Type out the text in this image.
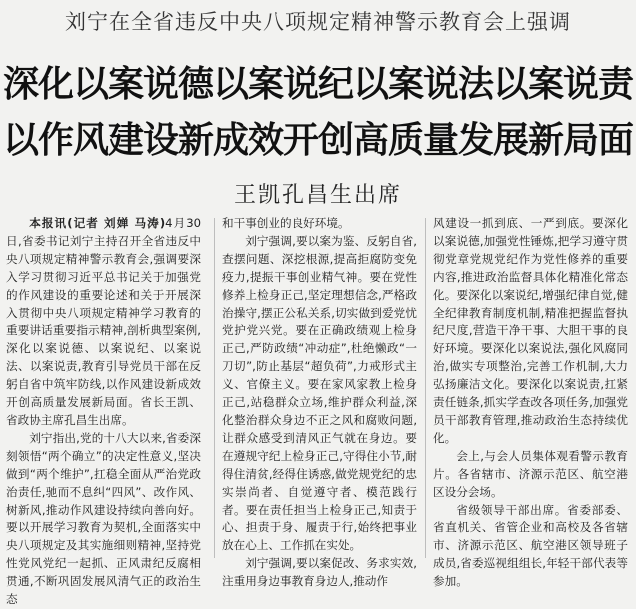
刘宁在全省违反中央八项规定精神警示教育会上强调
深化以案说德以案说纪以案说法以案说责
以作风建设新成效开创高质量发展新局面
王凯孔昌生出席

本报讯(记者 刘婵 马涛)4月30日,省委书记刘宁主持召开全省违反中央八项规定精神警示教育会,强调要深入学习贯彻习近平总书记关于加强党的作风建设的重要论述和关于开展深入贯彻中央八项规定精神学习教育的重要讲话重要指示精神,剖析典型案例,深化以案说德、以案说纪、以案说法、以案说责,教育引导党员干部在反躬自省中筑牢防线,以作风建设新成效开创高质量发展新局面。省长王凯、省政协主席孔昌生出席。

刘宁指出,党的十八大以来,省委深刻领悟“两个确立”的决定性意义,坚决做到“两个维护”,扛稳全面从严治党政治责任,驰而不息纠“四风”、改作风、树新风,推动作风建设持续向善向好。要以开展学习教育为契机,全面落实中央八项规定及其实施细则精神,坚持党性党风党纪一起抓、正风肃纪反腐相贯通,不断巩固发展风清气正的政治生态

和干事创业的良好环境。

刘宁强调,要以案为鉴、反躬自省,查摆问题、深挖根源,提高拒腐防变免疫力,提振干事创业精气神。要在党性修养上检身正己,坚定理想信念,严格政治操守,摆正公私关系,切实做到爱党忧党护党兴党。要在正确政绩观上检身正己,严防政绩“冲动症”,杜绝懒政“一刀切”,防止基层“超负荷”,力戒形式主义、官僚主义。要在家风家教上检身正己,站稳群众立场,维护群众利益,深化整治群众身边不正之风和腐败问题,让群众感受到清风正气就在身边。要在遵规守纪上检身正己,守得住小节,耐得住清贫,经得住诱惑,做党规党纪的忠实崇尚者、自觉遵守者、模范践行者。要在责任担当上检身正己,知责于心、担责于身、履责于行,始终把事业放在心上、工作抓在实处。

刘宁强调,要以案促改、务求实效,注重用身边事教育身边人,推动作

风建设一抓到底、一严到底。要深化以案说德,加强党性锤炼,把学习遵守贯彻党章党规党纪作为党性修养的重要内容,推进政治监督具体化精准化常态化。要深化以案说纪,增强纪律自觉,健全纪律教育制度机制,精准把握监督执纪尺度,营造干净干事、大胆干事的良好环境。要深化以案说法,强化风腐同治,做实专项整治,完善工作机制,大力弘扬廉洁文化。要深化以案说责,扛紧责任链条,抓实学查改各项任务,加强党员干部教育管理,推动政治生态持续优化。

会上,与会人员集体观看警示教育片。各省辖市、济源示范区、航空港区设分会场。

省级领导干部出席。省委部委、省直机关、省管企业和高校及各省辖市、济源示范区、航空港区领导班子成员,省委巡视组组长,年轻干部代表等参加。
